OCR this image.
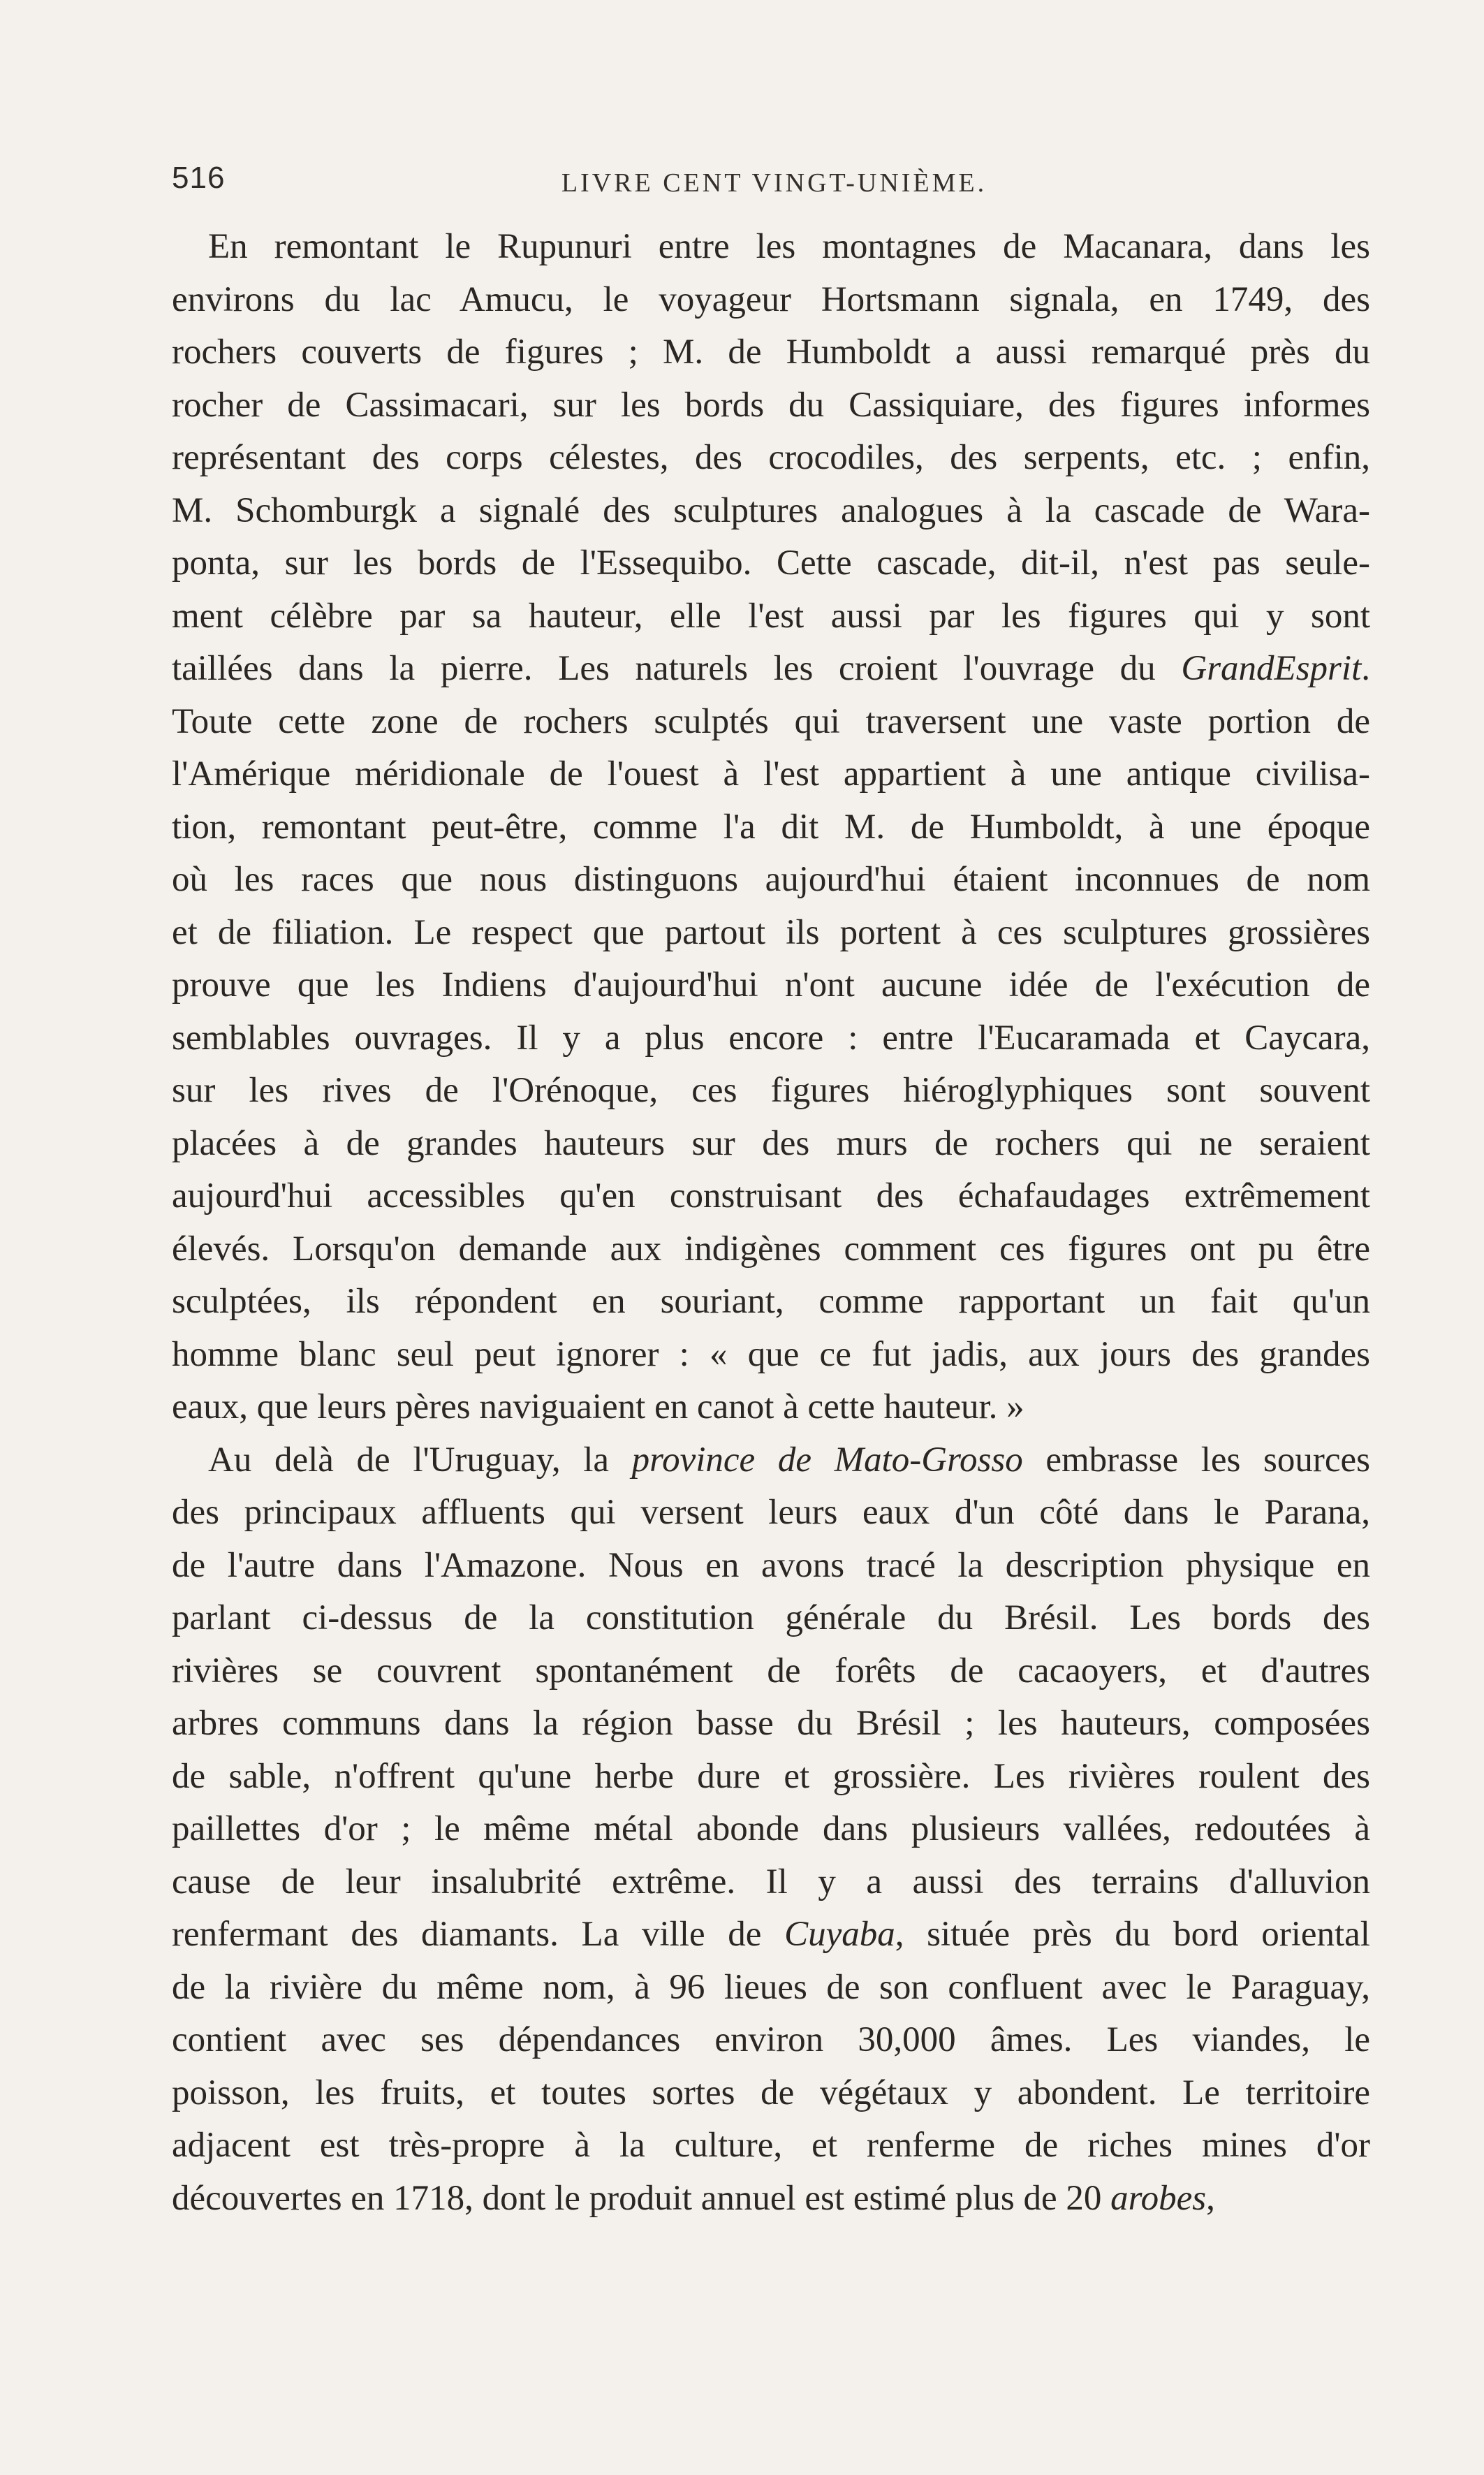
516	LIVRE CENT VINGT-UNIÈME.
En remontant le Rupunuri entre les montagnes de Macanara, dans les
environs du lac Amucu, le voyageur Hortsmann signala, en 1749, des
rochers couverts de figures ; M. de Humboldt a aussi remarqué près du
rocher de Cassimacari, sur les bords du Cassiquiare, des figures informes
représentant des corps célestes, des crocodiles, des serpents, etc. ; enfin,
M. Schomburgk a signalé des sculptures analogues à la cascade de Wara-
ponta, sur les bords de l'Essequibo. Cette cascade, dit-il, n'est pas seule-
ment célèbre par sa hauteur, elle l'est aussi par les figures qui y sont
taillées dans la pierre. Les naturels les croient l'ouvrage du GrandEsprit.
Toute cette zone de rochers sculptés qui traversent une vaste portion de
l'Amérique méridionale de l'ouest à l'est appartient à une antique civilisa-
tion, remontant peut-être, comme l'a dit M. de Humboldt, à une époque
où les races que nous distinguons aujourd'hui étaient inconnues de nom
et de filiation. Le respect que partout ils portent à ces sculptures grossières
prouve que les Indiens d'aujourd'hui n'ont aucune idée de l'exécution de
semblables ouvrages. Il y a plus encore : entre l'Eucaramada et Caycara,
sur les rives de l'Orénoque, ces figures hiéroglyphiques sont souvent
placées à de grandes hauteurs sur des murs de rochers qui ne seraient
aujourd'hui accessibles qu'en construisant des échafaudages extrêmement
élevés. Lorsqu'on demande aux indigènes comment ces figures ont pu être
sculptées, ils répondent en souriant, comme rapportant un fait qu'un
homme blanc seul peut ignorer : « que ce fut jadis, aux jours des grandes
eaux, que leurs pères naviguaient en canot à cette hauteur. »
Au delà de l'Uruguay, la province de Mato-Grosso embrasse les sources
des principaux affluents qui versent leurs eaux d'un côté dans le Parana,
de l'autre dans l'Amazone. Nous en avons tracé la description physique en
parlant ci-dessus de la constitution générale du Brésil. Les bords des
rivières se couvrent spontanément de forêts de cacaoyers, et d'autres
arbres communs dans la région basse du Brésil ; les hauteurs, composées
de sable, n'offrent qu'une herbe dure et grossière. Les rivières roulent des
paillettes d'or ; le même métal abonde dans plusieurs vallées, redoutées à
cause de leur insalubrité extrême. Il y a aussi des terrains d'alluvion
renfermant des diamants. La ville de Cuyaba, située près du bord oriental
de la rivière du même nom, à 96 lieues de son confluent avec le Paraguay,
contient avec ses dépendances environ 30,000 âmes. Les viandes, le
poisson, les fruits, et toutes sortes de végétaux y abondent. Le territoire
adjacent est très-propre à la culture, et renferme de riches mines d'or
découvertes en 1718, dont le produit annuel est estimé plus de 20 arobes,
